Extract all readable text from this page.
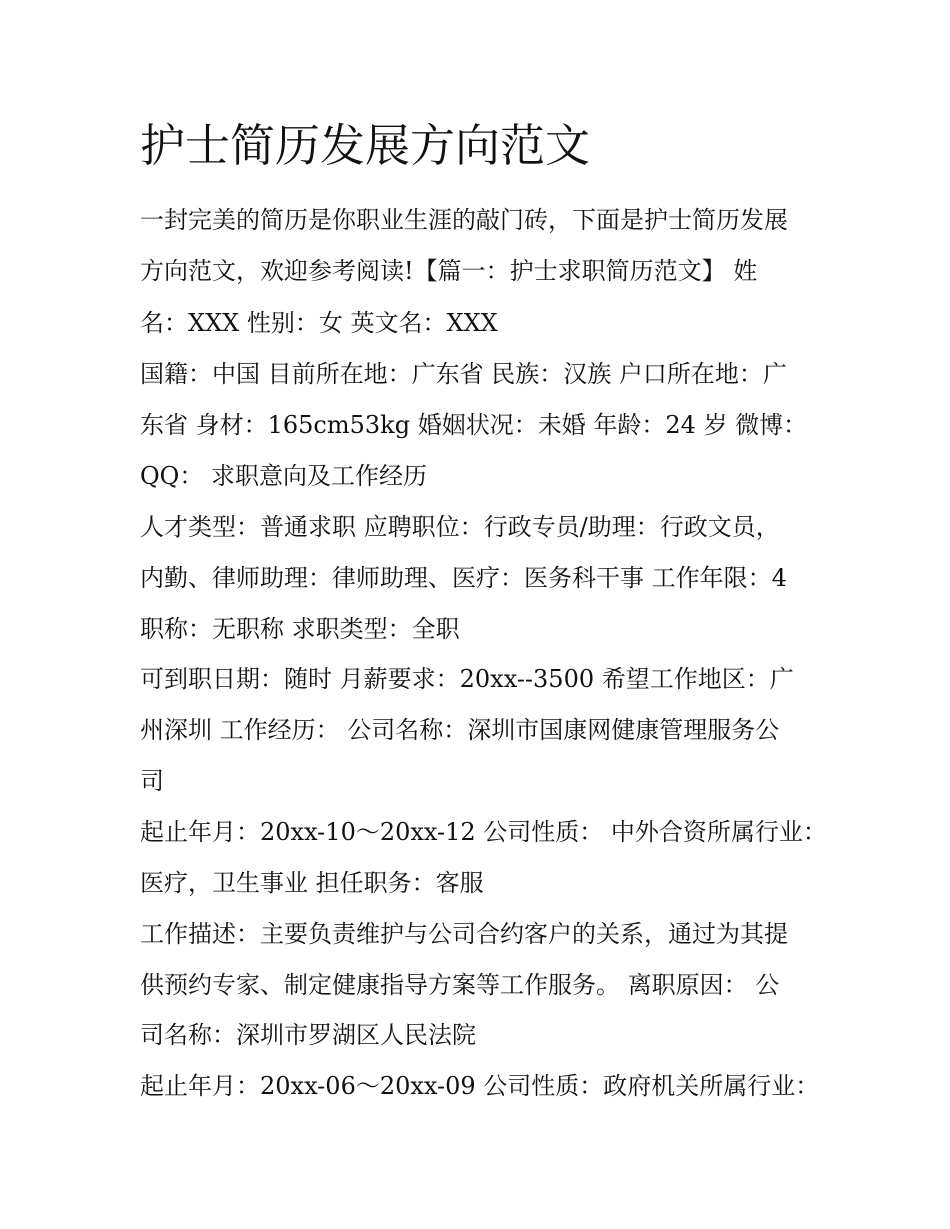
护士简历发展方向范文

一封完美的简历是你职业生涯的敲门砖，下面是护士简历发展

方向范文，欢迎参考阅读!【篇一：护士求职简历范文】 姓

名：XXX 性别：女 英文名：XXX

国籍：中国 目前所在地：广东省 民族：汉族 户口所在地：广

东省 身材：165cm53kg 婚姻状况：未婚 年龄：24 岁 微博：

QQ： 求职意向及工作经历

人才类型：普通求职 应聘职位：行政专员/助理：行政文员，

内勤、律师助理：律师助理、医疗：医务科干事 工作年限：4

职称：无职称 求职类型：全职

可到职日期：随时 月薪要求：20xx--3500 希望工作地区：广

州深圳 工作经历： 公司名称：深圳市国康网健康管理服务公

司

起止年月：20xx-10～20xx-12 公司性质： 中外合资所属行业：

医疗，卫生事业 担任职务：客服

工作描述：主要负责维护与公司合约客户的关系，通过为其提

供预约专家、制定健康指导方案等工作服务。 离职原因： 公

司名称：深圳市罗湖区人民法院

起止年月：20xx-06～20xx-09 公司性质：政府机关所属行业：
